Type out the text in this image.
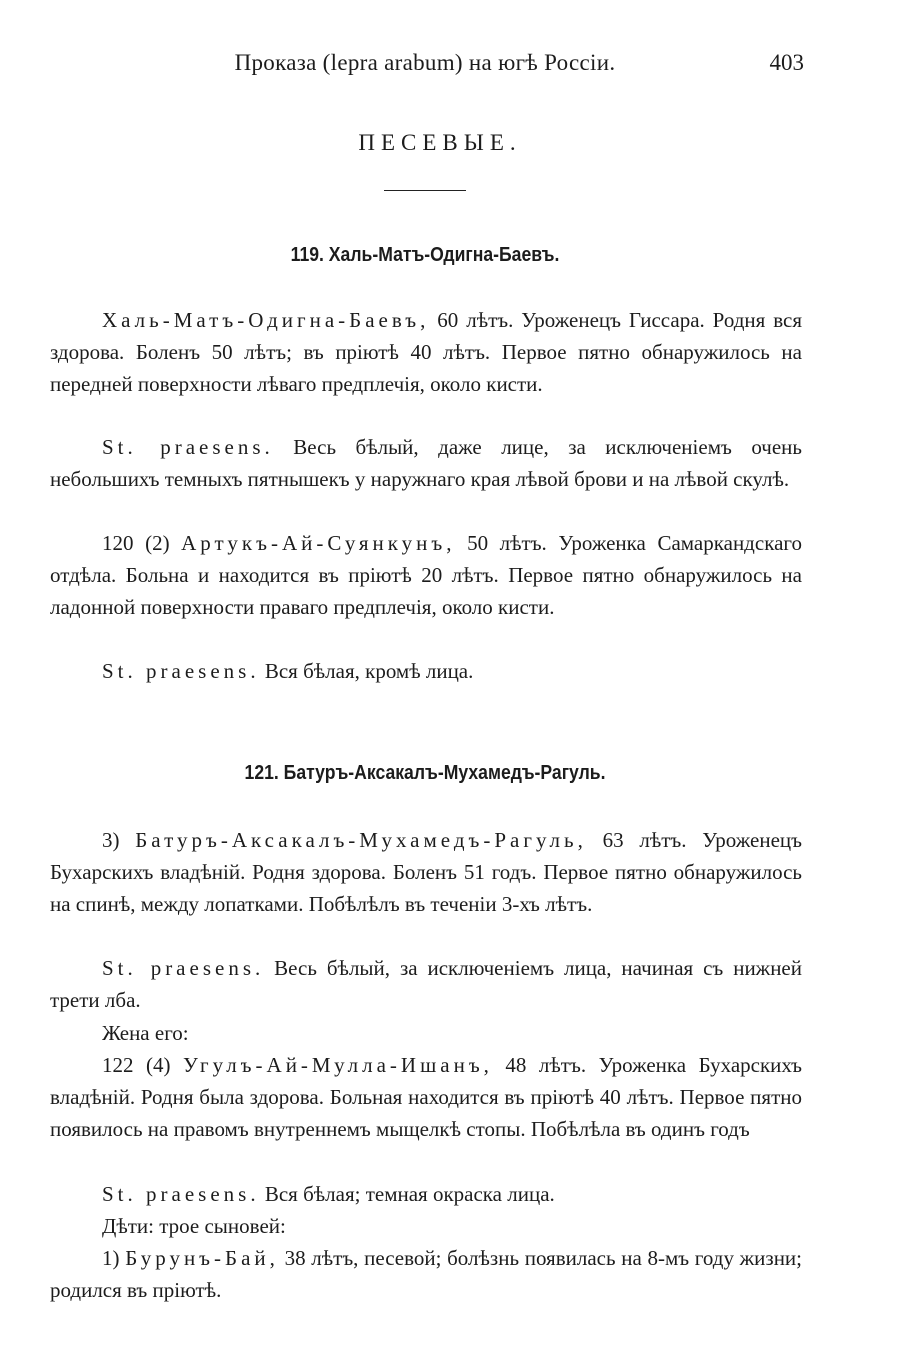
Проказа (lepra arabum) на югѣ Россіи.	403
ПЕСЕВЫЕ.
119. Халь-Матъ-Одигна-Баевъ.

Халь-Матъ-Одигна-Баевъ, 60 лѣтъ. Уроженецъ Гиссара. Родня вся здорова. Боленъ 50 лѣтъ; въ пріютѣ 40 лѣтъ. Первое пятно обнаружилось на передней поверхности лѣваго предплечія, около кисти.

St. praesens. Весь бѣлый, даже лице, за исключеніемъ очень небольшихъ темныхъ пятнышекъ у наружнаго края лѣвой брови и на лѣвой скулѣ.

120 (2) Артукъ-Ай-Суянкунъ, 50 лѣтъ. Уроженка Самаркандскаго отдѣла. Больна и находится въ пріютѣ 20 лѣтъ. Первое пятно обнаружилось на ладонной поверхности праваго предплечія, около кисти.

St. praesens. Вся бѣлая, кромѣ лица.

121. Батуръ-Аксакалъ-Мухамедъ-Рагуль.

3) Батуръ-Аксакалъ-Мухамедъ-Рагуль, 63 лѣтъ. Уроженецъ Бухарскихъ владѣній. Родня здорова. Боленъ 51 годъ. Первое пятно обнаружилось на спинѣ, между лопатками. Побѣлѣлъ въ теченіи 3-хъ лѣтъ.

St. praesens. Весь бѣлый, за исключеніемъ лица, начиная съ нижней трети лба.

Жена его:

122 (4) Угулъ-Ай-Мулла-Ишанъ, 48 лѣтъ. Уроженка Бухарскихъ владѣній. Родня была здорова. Больная находится въ пріютѣ 40 лѣтъ. Первое пятно появилось на правомъ внутреннемъ мыщелкѣ стопы. Побѣлѣла въ одинъ годъ

St. praesens. Вся бѣлая; темная окраска лица.

Дѣти: трое сыновей:

1) Бурунъ-Бай, 38 лѣтъ, песевой; болѣзнь появилась на 8-мъ году жизни; родился въ пріютѣ.
